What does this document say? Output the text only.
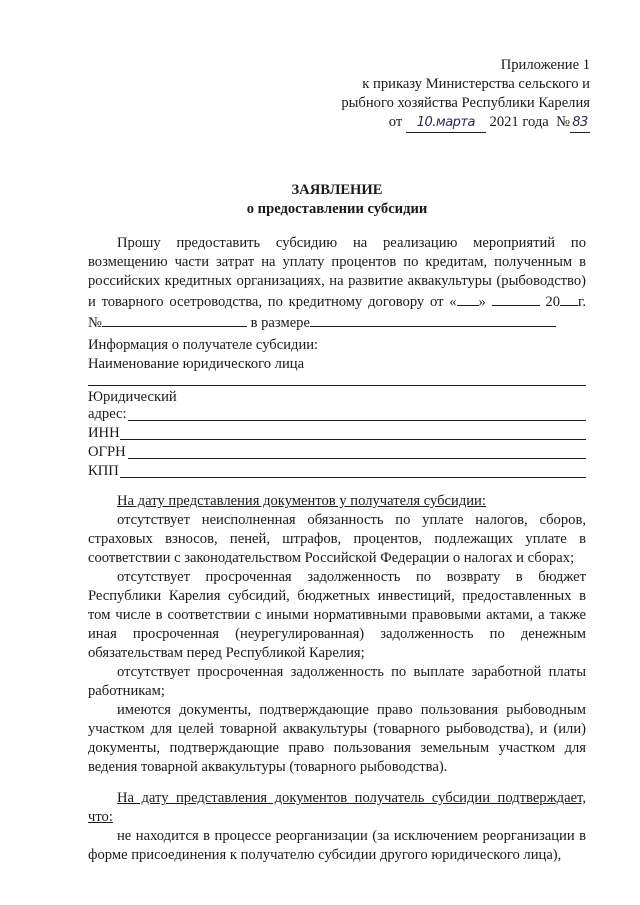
Приложение 1
к приказу Министерства сельского и
рыбного хозяйства Республики Карелия
от 10.марта 2021 года № 83
ЗАЯВЛЕНИЕ
о предоставлении субсидии

Прошу предоставить субсидию на реализацию мероприятий по возмещению части затрат на уплату процентов по кредитам, полученным в российских кредитных организациях, на развитие аквакультуры (рыбоводство) и товарного осетроводства, по кредитному договору от « »	20 г.

№	в размере

Информация о получателе субсидии:
Наименование юридического лица
Юридический
адрес:
ИНН
ОГРН
КПП

На дату представления документов у получателя субсидии:

отсутствует неисполненная обязанность по уплате налогов, сборов, страховых взносов, пеней, штрафов, процентов, подлежащих уплате в соответствии с законодательством Российской Федерации о налогах и сборах;

отсутствует просроченная задолженность по возврату в бюджет Республики Карелия субсидий, бюджетных инвестиций, предоставленных в том числе в соответствии с иными нормативными правовыми актами, а также иная просроченная (неурегулированная) задолженность по денежным обязательствам перед Республикой Карелия;

отсутствует просроченная задолженность по выплате заработной платы работникам;

имеются документы, подтверждающие право пользования рыбоводным участком для целей товарной аквакультуры (товарного рыбоводства), и (или) документы, подтверждающие право пользования земельным участком для ведения товарной аквакультуры (товарного рыбоводства).

На дату представления документов получатель субсидии подтверждает, что:

не находится в процессе реорганизации (за исключением реорганизации в форме присоединения к получателю субсидии другого юридического лица),
